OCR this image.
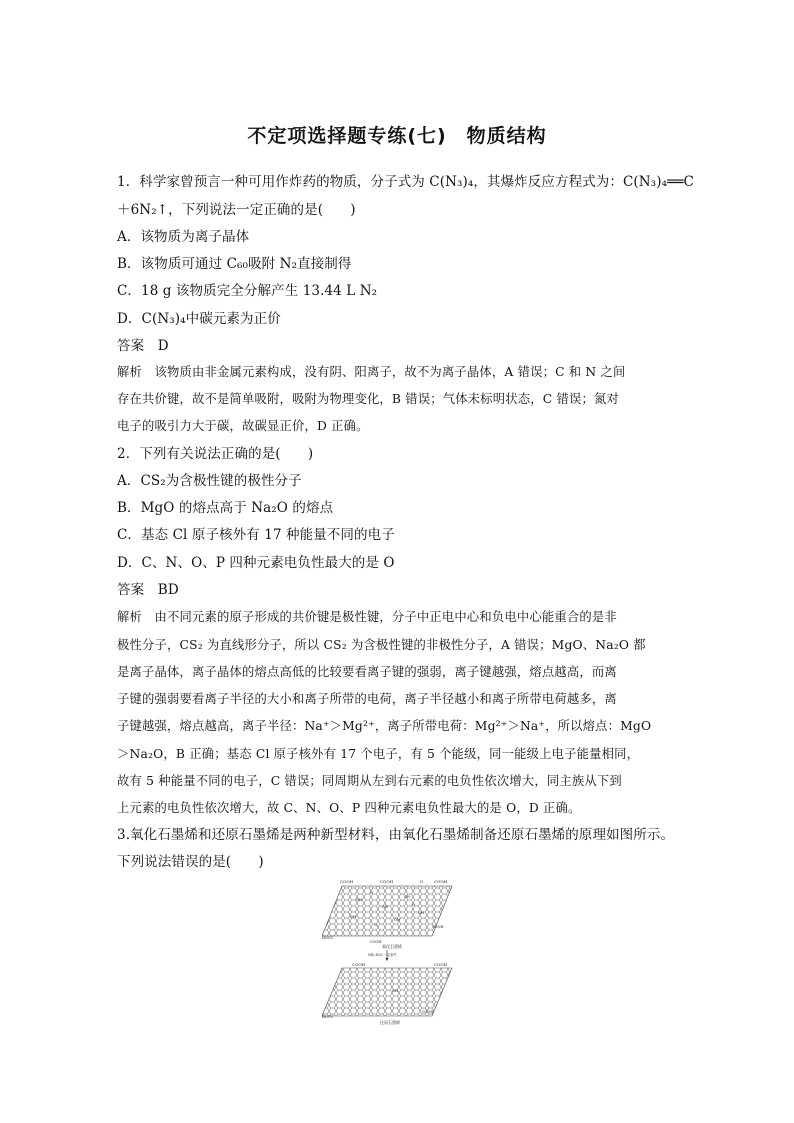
不定项选择题专练(七)　物质结构
1．科学家曾预言一种可用作炸药的物质，分子式为 C(N₃)₄，其爆炸反应方程式为：C(N₃)₄══C
＋6N₂↑，下列说法一定正确的是(　　)
A．该物质为离子晶体
B．该物质可通过 C₆₀吸附 N₂直接制得
C．18 g 该物质完全分解产生 13.44 L N₂
D．C(N₃)₄中碳元素为正价
答案　D
解析　该物质由非金属元素构成，没有阴、阳离子，故不为离子晶体，A 错误；C 和 N 之间
存在共价键，故不是简单吸附，吸附为物理变化，B 错误；气体未标明状态，C 错误；氮对
电子的吸引力大于碳，故碳显正价，D 正确。
2．下列有关说法正确的是(　　)
A．CS₂为含极性键的极性分子
B．MgO 的熔点高于 Na₂O 的熔点
C．基态 Cl 原子核外有 17 种能量不同的电子
D．C、N、O、P 四种元素电负性最大的是 O
答案　BD
解析　由不同元素的原子形成的共价键是极性键，分子中正电中心和负电中心能重合的是非
极性分子，CS₂ 为直线形分子，所以 CS₂ 为含极性键的非极性分子，A 错误；MgO、Na₂O 都
是离子晶体，离子晶体的熔点高低的比较要看离子键的强弱，离子键越强，熔点越高，而离
子键的强弱要看离子半径的大小和离子所带的电荷，离子半径越小和离子所带电荷越多，离
子键越强，熔点越高，离子半径：Na⁺＞Mg²⁺，离子所带电荷：Mg²⁺＞Na⁺，所以熔点：MgO
＞Na₂O，B 正确；基态 Cl 原子核外有 17 个电子，有 5 个能级，同一能级上电子能量相同，
故有 5 种能量不同的电子，C 错误；同周期从左到右元素的电负性依次增大，同主族从下到
上元素的电负性依次增大，故 C、N、O、P 四种元素电负性最大的是 O，D 正确。
3.氧化石墨烯和还原石墨烯是两种新型材料，由氧化石墨烯制备还原石墨烯的原理如图所示。
下列说法错误的是(　　)
COOH	COOH	O	COOH
OH
OH
OH
OH
OH
OH
O
O
O
HOOC
COOH
COOH
氧化石墨烯
NH₃·H₂O 一定条件
COOH	COOH
OH
HOOC
COOH
还原石墨烯
